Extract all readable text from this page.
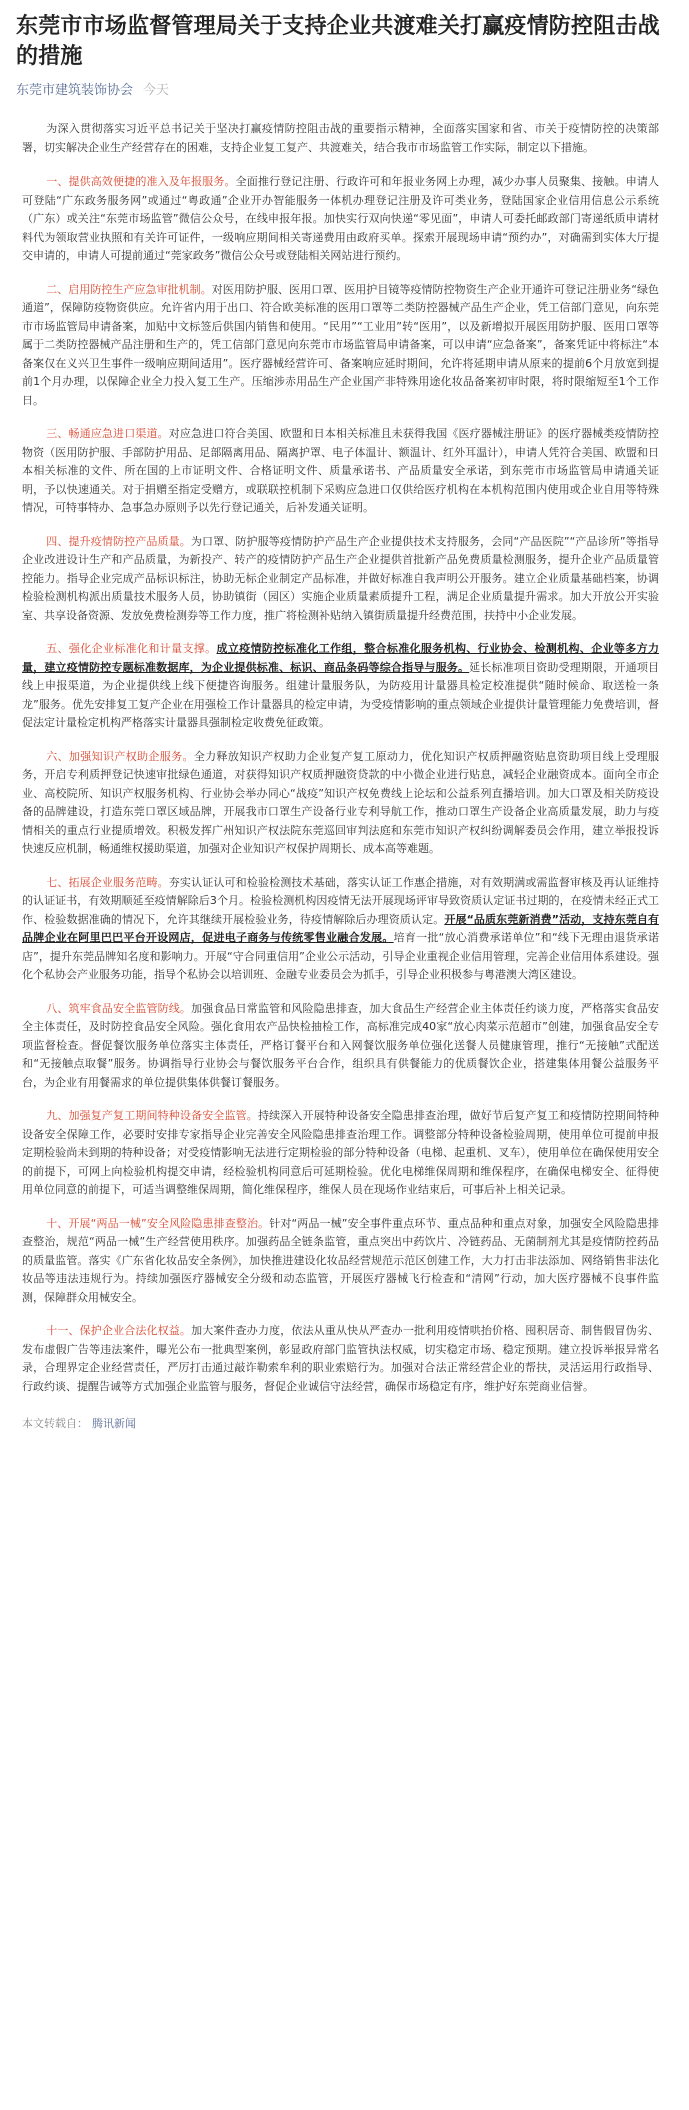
东莞市市场监督管理局关于支持企业共渡难关打赢疫情防控阻击战的措施
东莞市建筑装饰协会 今天

为深入贯彻落实习近平总书记关于坚决打赢疫情防控阻击战的重要指示精神，全面落实国家和省、市关于疫情防控的决策部署，切实解决企业生产经营存在的困难，支持企业复工复产、共渡难关，结合我市市场监管工作实际，制定以下措施。

一、提供高效便捷的准入及年报服务。全面推行登记注册、行政许可和年报业务网上办理，减少办事人员聚集、接触。申请人可登陆“广东政务服务网”或通过“粤政通”企业开办智能服务一体机办理登记注册及许可类业务，登陆国家企业信用信息公示系统（广东）或关注“东莞市场监管”微信公众号，在线申报年报。加快实行双向快递“零见面”，申请人可委托邮政部门寄递纸质申请材料代为领取营业执照和有关许可证件，一级响应期间相关寄递费用由政府买单。探索开展现场申请“预约办”，对确需到实体大厅提交申请的，申请人可提前通过“莞家政务”微信公众号或登陆相关网站进行预约。

二、启用防控生产应急审批机制。对医用防护服、医用口罩、医用护目镜等疫情防控物资生产企业开通许可登记注册业务“绿色通道”，保障防疫物资供应。允许省内用于出口、符合欧美标准的医用口罩等二类防控器械产品生产企业，凭工信部门意见，向东莞市市场监管局申请备案，加贴中文标签后供国内销售和使用。“民用”“工业用”转“医用”，以及新增拟开展医用防护服、医用口罩等属于二类防控器械产品注册和生产的，凭工信部门意见向东莞市市场监管局申请备案，可以申请“应急备案”，备案凭证中将标注“本备案仅在义兴卫生事件一级响应期间适用”。医疗器械经营许可、备案响应延时期间，允许将延期申请从原来的提前6个月放宽到提前1个月办理，以保障企业全力投入复工生产。压缩涉赤用品生产企业国产非特殊用途化妆品备案初审时限，将时限缩短至1个工作日。

三、畅通应急进口渠道。对应急进口符合美国、欧盟和日本相关标准且未获得我国《医疗器械注册证》的医疗器械类疫情防控物资（医用防护服、手部防护用品、足部隔离用品、隔离护罩、电子体温计、额温计、红外耳温计），申请人凭符合美国、欧盟和日本相关标准的文件、所在国的上市证明文件、合格证明文件、质量承诺书、产品质量安全承诺，到东莞市市场监管局申请通关证明，予以快速通关。对于捐赠至指定受赠方，或联联控机制下采购应急进口仅供给医疗机构在本机构范围内使用或企业自用等特殊情况，可特事特办、急事急办原则予以先行登记通关，后补发通关证明。

四、提升疫情防控产品质量。为口罩、防护服等疫情防护产品生产企业提供技术支持服务，会同“产品医院”“产品诊所”等指导企业改进设计生产和产品质量，为新投产、转产的疫情防护产品生产企业提供首批新产品免费质量检测服务，提升企业产品质量管控能力。指导企业完成产品标识标注，协助无标企业制定产品标准，并做好标准自我声明公开服务。建立企业质量基础档案，协调检验检测机构派出质量技术服务人员，协助镇街（园区）实施企业质量素质提升工程，满足企业质量提升需求。加大开放公开实验室、共享设备资源、发放免费检测券等工作力度，推广将检测补贴纳入镇街质量提升经费范围，扶持中小企业发展。

五、强化企业标准化和计量支撑。成立疫情防控标准化工作组，整合标准化服务机构、行业协会、检测机构、企业等多方力量，建立疫情防控专题标准数据库，为企业提供标准、标识、商品条码等综合指导与服务。延长标准项目资助受理期限，开通项目线上申报渠道，为企业提供线上线下便捷咨询服务。组建计量服务队，为防疫用计量器具检定校准提供“随时候命、取送检一条龙”服务。优先安排复工复产企业在用强检工作计量器具的检定申请，为受疫情影响的重点领域企业提供计量管理能力免费培训，督促法定计量检定机构严格落实计量器具强制检定收费免征政策。

六、加强知识产权助企服务。全力释放知识产权助力企业复产复工原动力，优化知识产权质押融资贴息资助项目线上受理服务，开启专利质押登记快速审批绿色通道，对获得知识产权质押融资贷款的中小微企业进行贴息，减轻企业融资成本。面向全市企业、高校院所、知识产权服务机构、行业协会举办同心“战疫”知识产权免费线上论坛和公益系列直播培训。加大口罩及相关防疫设备的品牌建设，打造东莞口罩区域品牌，开展我市口罩生产设备行业专利导航工作，推动口罩生产设备企业高质量发展，助力与疫情相关的重点行业提质增效。积极发挥广州知识产权法院东莞巡回审判法庭和东莞市知识产权纠纷调解委员会作用，建立举报投诉快速反应机制，畅通维权援助渠道，加强对企业知识产权保护周期长、成本高等难题。

七、拓展企业服务范畴。夯实认证认可和检验检测技术基础，落实认证工作惠企措施，对有效期满或需监督审核及再认证维持的认证证书，有效期顺延至疫情解除后3个月。检验检测机构因疫情无法开展现场评审导致资质认定证书过期的，在疫情未经正式工作、检验数据准确的情况下，允许其继续开展检验业务，待疫情解除后办理资质认定。开展“品质东莞新消费”活动，支持东莞自有品牌企业在阿里巴巴平台开设网店，促进电子商务与传统零售业融合发展。培育一批“放心消费承诺单位”和“线下无理由退货承诺店”，提升东莞品牌知名度和影响力。开展“守合同重信用”企业公示活动，引导企业重视企业信用管理，完善企业信用体系建设。强化个私协会产业服务功能，指导个私协会以培训班、金融专业委员会为抓手，引导企业积极参与粤港澳大湾区建设。

八、筑牢食品安全监管防线。加强食品日常监管和风险隐患排查，加大食品生产经营企业主体责任约谈力度，严格落实食品安全主体责任，及时防控食品安全风险。强化食用农产品快检抽检工作，高标准完成40家“放心肉菜示范超市”创建，加强食品安全专项监督检查。督促餐饮服务单位落实主体责任，严格订餐平台和入网餐饮服务单位强化送餐人员健康管理，推行“无接触”式配送和“无接触点取餐”服务。协调指导行业协会与餐饮服务平台合作，组织具有供餐能力的优质餐饮企业，搭建集体用餐公益服务平台，为企业有用餐需求的单位提供集体供餐订餐服务。

九、加强复产复工期间特种设备安全监管。持续深入开展特种设备安全隐患排查治理，做好节后复产复工和疫情防控期间特种设备安全保障工作，必要时安排专家指导企业完善安全风险隐患排查治理工作。调整部分特种设备检验周期，使用单位可提前申报定期检验尚未到期的特种设备；对受疫情影响无法进行定期检验的部分特种设备（电梯、起重机、叉车），使用单位在确保使用安全的前提下，可网上向检验机构提交申请，经检验机构同意后可延期检验。优化电梯维保周期和维保程序，在确保电梯安全、征得使用单位同意的前提下，可适当调整维保周期，简化维保程序，维保人员在现场作业结束后，可事后补上相关记录。

十、开展“两品一械”安全风险隐患排查整治。针对“两品一械”安全事件重点环节、重点品种和重点对象，加强安全风险隐患排查整治，规范“两品一械”生产经营使用秩序。加强药品全链条监管，重点突出中药饮片、冷链药品、无菌制剂尤其是疫情防控药品的质量监管。落实《广东省化妆品安全条例》，加快推进建设化妆品经营规范示范区创建工作，大力打击非法添加、网络销售非法化妆品等违法违规行为。持续加强医疗器械安全分级和动态监管，开展医疗器械飞行检查和“清网”行动，加大医疗器械不良事件监测，保障群众用械安全。

十一、保护企业合法化权益。加大案件查办力度，依法从重从快从严查办一批利用疫情哄抬价格、囤积居奇、制售假冒伪劣、发布虚假广告等违法案件，曝光公布一批典型案例，彰显政府部门监管执法权威，切实稳定市场、稳定预期。建立投诉举报异常名录，合理界定企业经营责任，严厉打击通过敲诈勒索牟利的职业索赔行为。加强对合法正常经营企业的帮扶，灵活运用行政指导、行政约谈、提醒告诫等方式加强企业监管与服务，督促企业诚信守法经营，确保市场稳定有序，维护好东莞商业信誉。

本文转载自： 腾讯新闻
